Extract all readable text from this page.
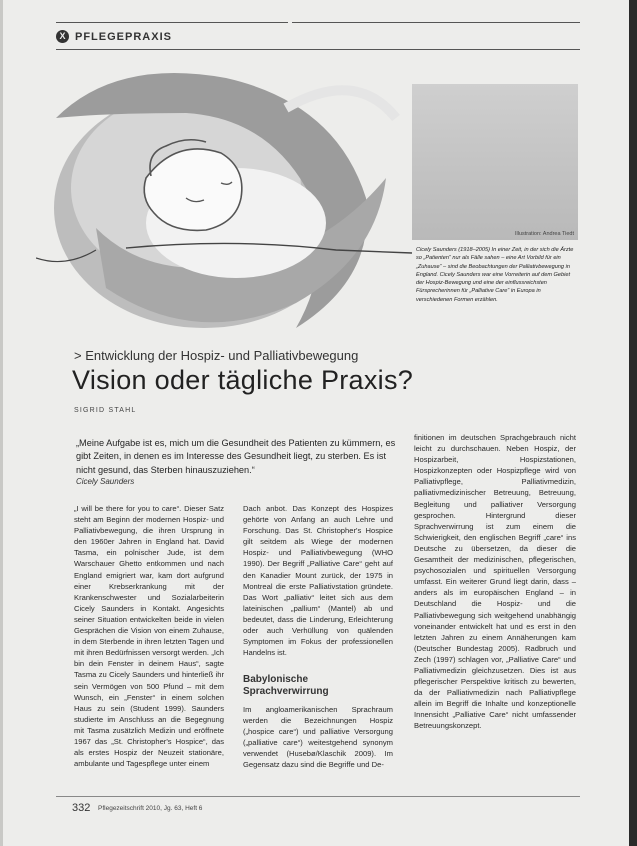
X PFLEGEPRAXIS
Illustration: Andrea Tiedt
Cicely Saunders (1918–2005) In einer Zeit, in der sich die Ärzte so „Patienten“ nur als Fälle sahen – eine Art Vorbild für ein „Zuhause“ – sind die Beobachtungen der Palliativbewegung in England. Cicely Saunders war eine Vorreiterin auf dem Gebiet der Hospiz-Bewegung und eine der einflussreichsten Fürsprecherinnen für „Palliative Care“ in Europa in verschiedenen Formen erzählen.
> Entwicklung der Hospiz- und Palliativbewegung
Vision oder tägliche Praxis?
SIGRID STAHL
„Meine Aufgabe ist es, mich um die Gesundheit des Patienten zu kümmern, es gibt Zeiten, in denen es im Interesse des Gesundheit liegt, zu sterben. Es ist nicht gesund, das Sterben hinauszuziehen.“
Cicely Saunders

„I will be there for you to care“. Dieser Satz steht am Beginn der modernen Hospiz- und Palliativbewegung, die ihren Ursprung in den 1960er Jahren in England hat. David Tasma, ein polnischer Jude, ist dem Warschauer Ghetto entkommen und nach England emigriert war, kam dort aufgrund einer Krebserkrankung mit der Krankenschwester und Sozialarbeiterin Cicely Saunders in Kontakt. Angesichts seiner Situation entwickelten beide in vielen Gesprächen die Vision von einem Zuhause, in dem Sterbende in ihren letzten Tagen und mit ihren Bedürfnissen versorgt werden. „Ich bin dein Fenster in deinem Haus“, sagte Tasma zu Cicely Saunders und hinterließ ihr sein Vermögen von 500 Pfund – mit dem Wunsch, ein „Fenster“ in einem solchen Haus zu sein (Student 1999). Saunders studierte im Anschluss an die Begegnung mit Tasma zusätzlich Medizin und eröffnete 1967 das „St. Christopher's Hospice“, das als erstes Hospiz der Neuzeit stationäre, ambulante und Tagespflege unter einem

Dach anbot. Das Konzept des Hospizes gehörte von Anfang an auch Lehre und Forschung. Das St. Christopher's Hospice gilt seitdem als Wiege der modernen Hospiz- und Palliativbewegung (WHO 1990). Der Begriff „Palliative Care“ geht auf den Kanadier Mount zurück, der 1975 in Montreal die erste Palliativstation gründete. Das Wort „palliativ“ leitet sich aus dem lateinischen „pallium“ (Mantel) ab und bedeutet, dass die Linderung, Erleichterung oder auch Verhüllung von quälenden Symptomen im Fokus der professionellen Handelns ist.

Babylonische Sprachverwirrung

Im angloamerikanischen Sprachraum werden die Bezeichnungen Hospiz („hospice care“) und palliative Versorgung („palliative care“) weitestgehend synonym verwendet (Husebø/Klaschik 2009). Im Gegensatz dazu sind die Begriffe und De-

finitionen im deutschen Sprachgebrauch nicht leicht zu durchschauen. Neben Hospiz, der Hospizarbeit, Hospizstationen, Hospizkonzepten oder Hospizpflege wird von Palliativpflege, Palliativmedizin, palliativmedizinischer Betreuung, Betreuung, Begleitung und palliativer Versorgung gesprochen. Hintergrund dieser Sprachverwirrung ist zum einem die Schwierigkeit, den englischen Begriff „care“ ins Deutsche zu übersetzen, da dieser die Gesamtheit der medizinischen, pflegerischen, psychosozialen und spirituellen Versorgung umfasst. Ein weiterer Grund liegt darin, dass – anders als im europäischen England – in Deutschland die Hospiz- und die Palliativbewegung sich weitgehend unabhängig voneinander entwickelt hat und es erst in den letzten Jahren zu einem Annäherungen kam (Deutscher Bundestag 2005). Radbruch und Zech (1997) schlagen vor, „Palliative Care“ und Palliativmedizin gleichzusetzen. Dies ist aus pflegerischer Perspektive kritisch zu bewerten, da der Palliativmedizin nach Palliativpflege allein im Begriff die Inhalte und konzeptionelle Innensicht „Palliative Care“ nicht umfassender Betreuungskonzept.

332 Pflegezeitschrift 2010, Jg. 63, Heft 6
